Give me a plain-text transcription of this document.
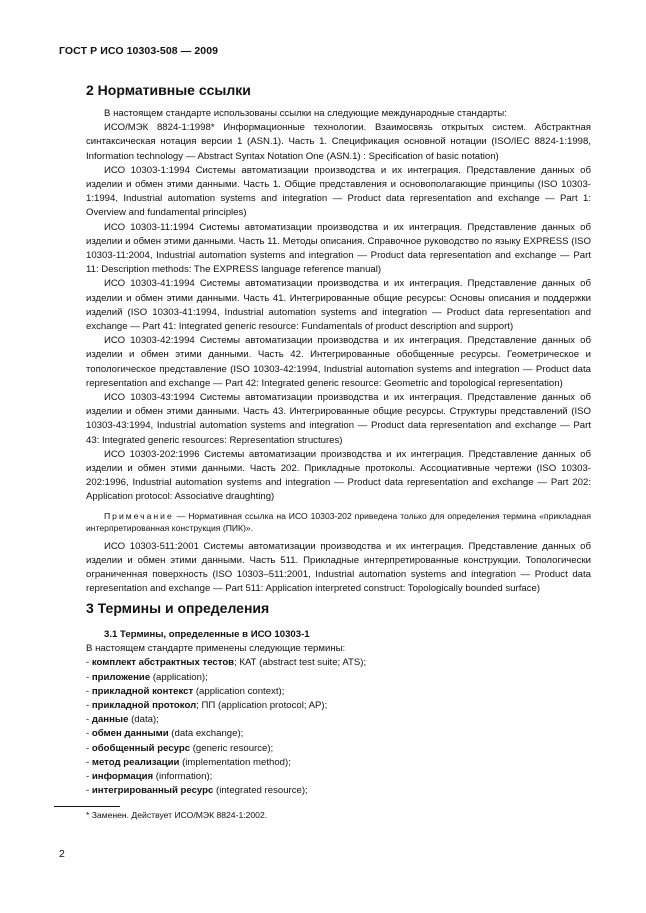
ГОСТ Р ИСО 10303-508 — 2009
2 Нормативные ссылки

В настоящем стандарте использованы ссылки на следующие международные стандарты:

ИСО/МЭК 8824-1:1998* Информационные технологии. Взаимосвязь открытых систем. Абстрактная синтаксическая нотация версии 1 (ASN.1). Часть 1. Спецификация основной нотации (ISO/IEC 8824-1:1998, Information technology — Abstract Syntax Notation One (ASN.1) : Specification of basic notation)

ИСО 10303-1:1994 Системы автоматизации производства и их интеграция. Представление данных об изделии и обмен этими данными. Часть 1. Общие представления и основополагающие принципы (ISO 10303-1:1994, Industrial automation systems and integration — Product data representation and exchange — Part 1: Overview and fundamental principles)

ИСО 10303-11:1994 Системы автоматизации производства и их интеграция. Представление данных об изделии и обмен этими данными. Часть 11. Методы описания. Справочное руководство по языку EXPRESS (ISO 10303-11:2004, Industrial automation systems and integration — Product data representation and exchange — Part 11: Description methods: The EXPRESS language reference manual)

ИСО 10303-41:1994 Системы автоматизации производства и их интеграция. Представление данных об изделии и обмен этими данными. Часть 41. Интегрированные общие ресурсы: Основы описания и поддержки изделий (ISO 10303-41:1994, Industrial automation systems and integration — Product data representation and exchange — Part 41: Integrated generic resource: Fundamentals of product description and support)

ИСО 10303-42:1994 Системы автоматизации производства и их интеграция. Представление данных об изделии и обмен этими данными. Часть 42. Интегрированные обобщенные ресурсы. Геометрическое и топологическое представление (ISO 10303-42:1994, Industrial automation systems and integration — Product data representation and exchange — Part 42: Integrated generic resource: Geometric and topological representation)

ИСО 10303-43:1994 Системы автоматизации производства и их интеграция. Представление данных об изделии и обмен этими данными. Часть 43. Интегрированные общие ресурсы. Структуры представлений (ISO 10303-43:1994, Industrial automation systems and integration — Product data representation and exchange — Part 43: Integrated generic resources: Representation structures)

ИСО 10303-202:1996 Системы автоматизации производства и их интеграция. Представление данных об изделии и обмен этими данными. Часть 202. Прикладные протоколы. Ассоциативные чертежи (ISO 10303-202:1996, Industrial automation systems and integration — Product data representation and exchange — Part 202: Application protocol: Associative draughting)

Примечание — Нормативная ссылка на ИСО 10303-202 приведена только для определения термина «прикладная интерпретированная конструкция (ПИК)».

ИСО 10303-511:2001 Системы автоматизации производства и их интеграция. Представление данных об изделии и обмен этими данными. Часть 511. Прикладные интерпретированные конструкции. Топологически ограниченная поверхность (ISO 10303–511:2001, Industrial automation systems and integration — Product data representation and exchange — Part 511: Application interpreted construct: Topologically bounded surface)

3 Термины и определения

3.1 Термины, определенные в ИСО 10303-1

В настоящем стандарте применены следующие термины:

- комплект абстрактных тестов; КАТ (abstract test suite; ATS);
- приложение (application);
- прикладной контекст (application context);
- прикладной протокол; ПП (application protocol; AP);
- данные (data);
- обмен данными (data exchange);
- обобщенный ресурс (generic resource);
- метод реализации (implementation method);
- информация (information);
- интегрированный ресурс (integrated resource);
* Заменен. Действует ИСО/МЭК 8824-1:2002.
2
